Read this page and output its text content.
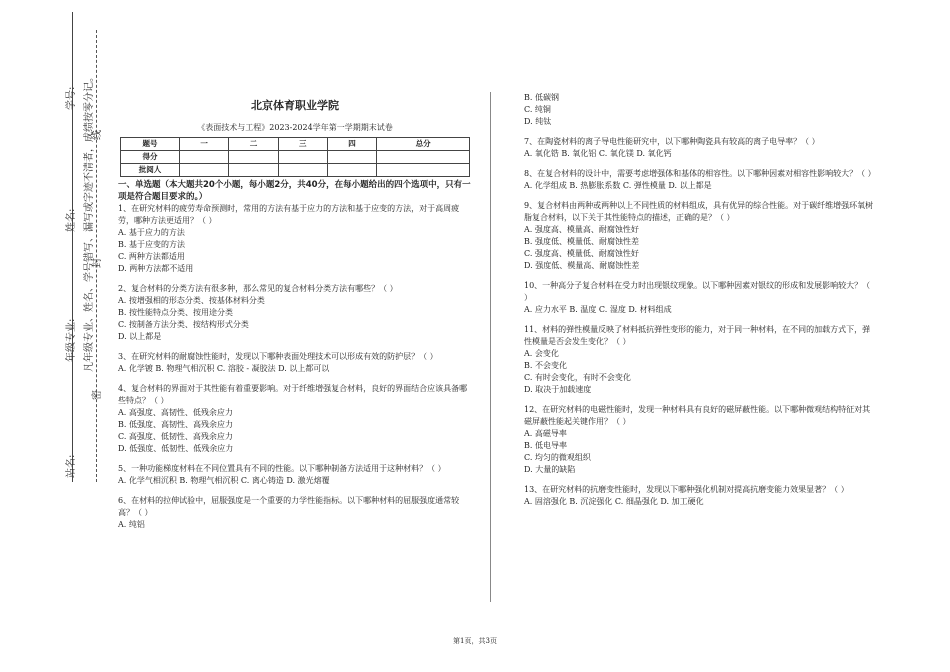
学号:
姓名:
年级专业:
站名:
凡年级专业、姓名、学号错写、漏写或字迹不清者，成绩按零分记。
线
封
密
北京体育职业学院
《表面技术与工程》2023-2024学年第一学期期末试卷
题号	一	二	三	四	总分
得分					
批阅人					
一、单选题（本大题共20个小题，每小题2分，共40分，在每小题给出的四个选项中，只有一项是符合题目要求的。）
1、在研究材料的疲劳寿命预测时，常用的方法有基于应力的方法和基于应变的方法，对于高周疲劳，哪种方法更适用？（ ）
A. 基于应力的方法
B. 基于应变的方法
C. 两种方法都适用
D. 两种方法都不适用
2、复合材料的分类方法有很多种，那么常见的复合材料分类方法有哪些？（ ）
A. 按增强相的形态分类、按基体材料分类
B. 按性能特点分类、按用途分类
C. 按制备方法分类、按结构形式分类
D. 以上都是
3、在研究材料的耐腐蚀性能时，发现以下哪种表面处理技术可以形成有效的防护层？（ ）
A. 化学镀 B. 物理气相沉积 C. 溶胶 - 凝胶法 D. 以上都可以
4、复合材料的界面对于其性能有着重要影响。对于纤维增强复合材料，良好的界面结合应该具备哪些特点？（ ）
A. 高强度、高韧性、低残余应力
B. 低强度、高韧性、高残余应力
C. 高强度、低韧性、高残余应力
D. 低强度、低韧性、低残余应力
5、一种功能梯度材料在不同位置具有不同的性能。以下哪种制备方法适用于这种材料？（ ）
A. 化学气相沉积 B. 物理气相沉积 C. 离心铸造 D. 激光熔覆
6、在材料的拉伸试验中，屈服强度是一个重要的力学性能指标。以下哪种材料的屈服强度通常较高？（ ）
A. 纯铝
B. 低碳钢
C. 纯铜
D. 纯钛
7、在陶瓷材料的离子导电性能研究中，以下哪种陶瓷具有较高的离子电导率？（ ）
A. 氧化锆 B. 氧化铝 C. 氧化镁 D. 氧化钙
8、在复合材料的设计中，需要考虑增强体和基体的相容性。以下哪种因素对相容性影响较大？（ ）
A. 化学组成 B. 热膨胀系数 C. 弹性模量 D. 以上都是
9、复合材料由两种或两种以上不同性质的材料组成，具有优异的综合性能。对于碳纤维增强环氧树脂复合材料，以下关于其性能特点的描述，正确的是？（ ）
A. 强度高、模量高、耐腐蚀性好
B. 强度低、模量低、耐腐蚀性差
C. 强度高、模量低、耐腐蚀性好
D. 强度低、模量高、耐腐蚀性差
10、一种高分子复合材料在受力时出现银纹现象。以下哪种因素对银纹的形成和发展影响较大？（ ）
A. 应力水平 B. 温度 C. 湿度 D. 材料组成
11、材料的弹性模量反映了材料抵抗弹性变形的能力，对于同一种材料，在不同的加载方式下，弹性模量是否会发生变化？（ ）
A. 会变化
B. 不会变化
C. 有时会变化，有时不会变化
D. 取决于加载速度
12、在研究材料的电磁性能时，发现一种材料具有良好的磁屏蔽性能。以下哪种微观结构特征对其磁屏蔽性能起关键作用？（ ）
A. 高磁导率
B. 低电导率
C. 均匀的微观组织
D. 大量的缺陷
13、在研究材料的抗磨变性能时，发现以下哪种强化机制对提高抗磨变能力效果显著？（ ）
A. 固溶强化 B. 沉淀强化 C. 细晶强化 D. 加工硬化
第1页，共3页
